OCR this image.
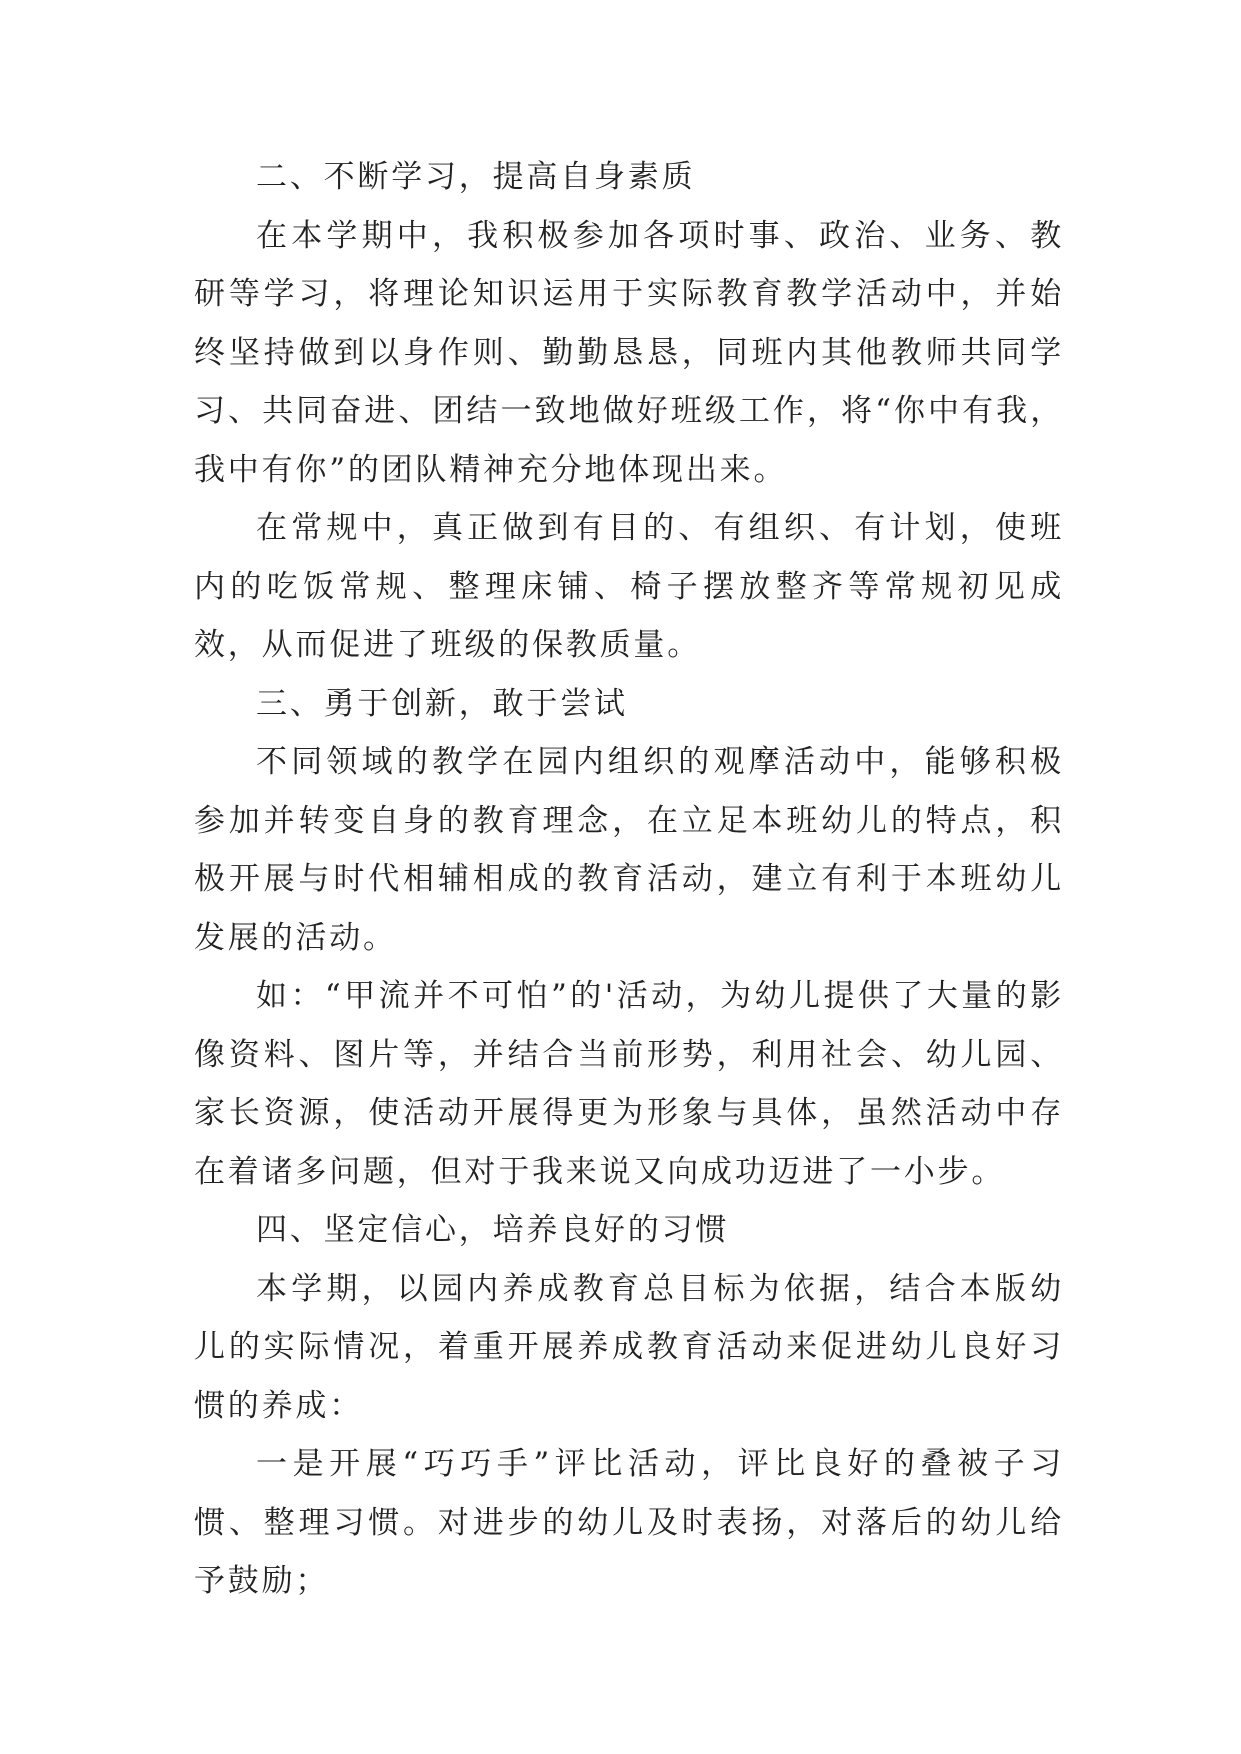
二、不断学习，提高自身素质

在本学期中，我积极参加各项时事、政治、业务、教研等学习，将理论知识运用于实际教育教学活动中，并始终坚持做到以身作则、勤勤恳恳，同班内其他教师共同学习、共同奋进、团结一致地做好班级工作，将“你中有我，我中有你”的团队精神充分地体现出来。

在常规中，真正做到有目的、有组织、有计划，使班内的吃饭常规、整理床铺、椅子摆放整齐等常规初见成效，从而促进了班级的保教质量。

三、勇于创新，敢于尝试

不同领域的教学在园内组织的观摩活动中，能够积极参加并转变自身的教育理念，在立足本班幼儿的特点，积极开展与时代相辅相成的教育活动，建立有利于本班幼儿发展的活动。

如：“甲流并不可怕”的'活动，为幼儿提供了大量的影像资料、图片等，并结合当前形势，利用社会、幼儿园、家长资源，使活动开展得更为形象与具体，虽然活动中存在着诸多问题，但对于我来说又向成功迈进了一小步。

四、坚定信心，培养良好的习惯

本学期，以园内养成教育总目标为依据，结合本版幼儿的实际情况，着重开展养成教育活动来促进幼儿良好习惯的养成：

一是开展“巧巧手”评比活动，评比良好的叠被子习惯、整理习惯。对进步的幼儿及时表扬，对落后的幼儿给予鼓励；
